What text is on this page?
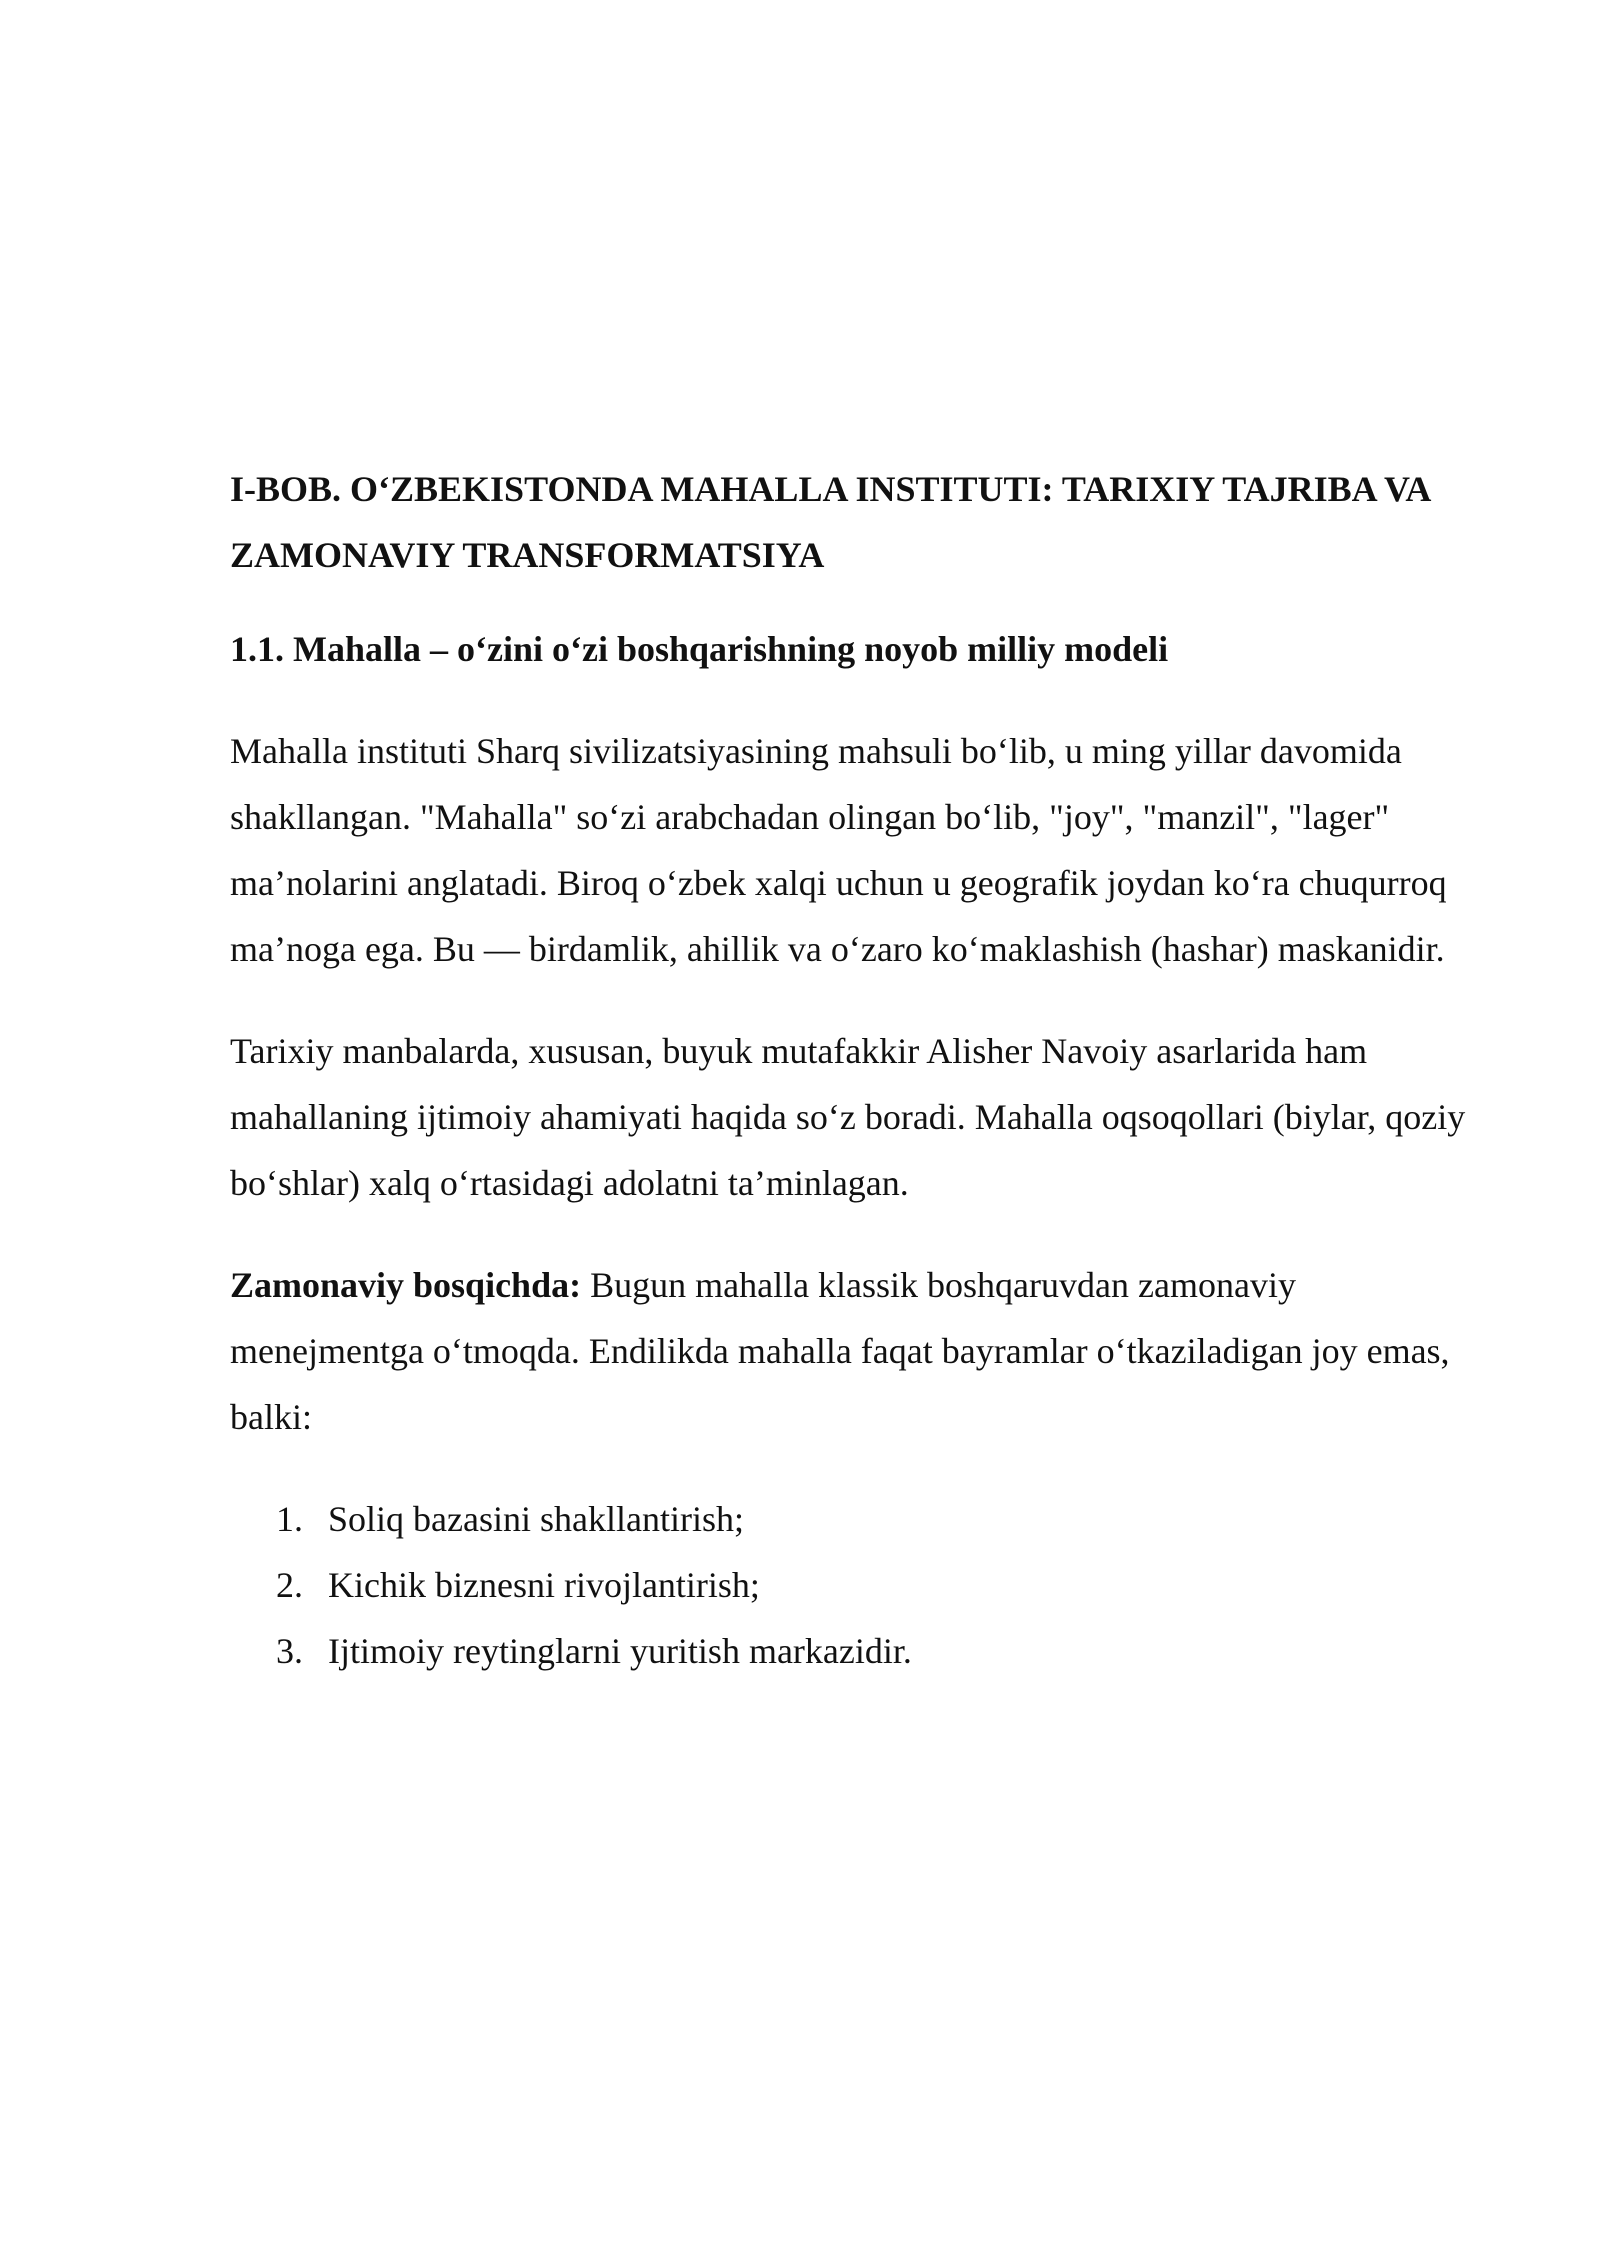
I-BOB. O‘ZBEKISTONDA MAHALLA INSTITUTI: TARIXIY TAJRIBA VA ZAMONAVIY TRANSFORMATSIYA
1.1. Mahalla – o‘zini o‘zi boshqarishning noyob milliy modeli

Mahalla instituti Sharq sivilizatsiyasining mahsuli bo‘lib, u ming yillar davomida shakllangan. "Mahalla" so‘zi arabchadan olingan bo‘lib, "joy", "manzil", "lager" ma’nolarini anglatadi. Biroq o‘zbek xalqi uchun u geografik joydan ko‘ra chuqurroq ma’noga ega. Bu — birdamlik, ahillik va o‘zaro ko‘maklashish (hashar) maskanidir.

Tarixiy manbalarda, xususan, buyuk mutafakkir Alisher Navoiy asarlarida ham mahallaning ijtimoiy ahamiyati haqida so‘z boradi. Mahalla oqsoqollari (biylar, qoziy bo‘shlar) xalq o‘rtasidagi adolatni ta’minlagan.

Zamonaviy bosqichda: Bugun mahalla klassik boshqaruvdan zamonaviy menejmentga o‘tmoqda. Endilikda mahalla faqat bayramlar o‘tkaziladigan joy emas, balki:

1. Soliq bazasini shakllantirish;
2. Kichik biznesni rivojlantirish;
3. Ijtimoiy reytinglarni yuritish markazidir.
